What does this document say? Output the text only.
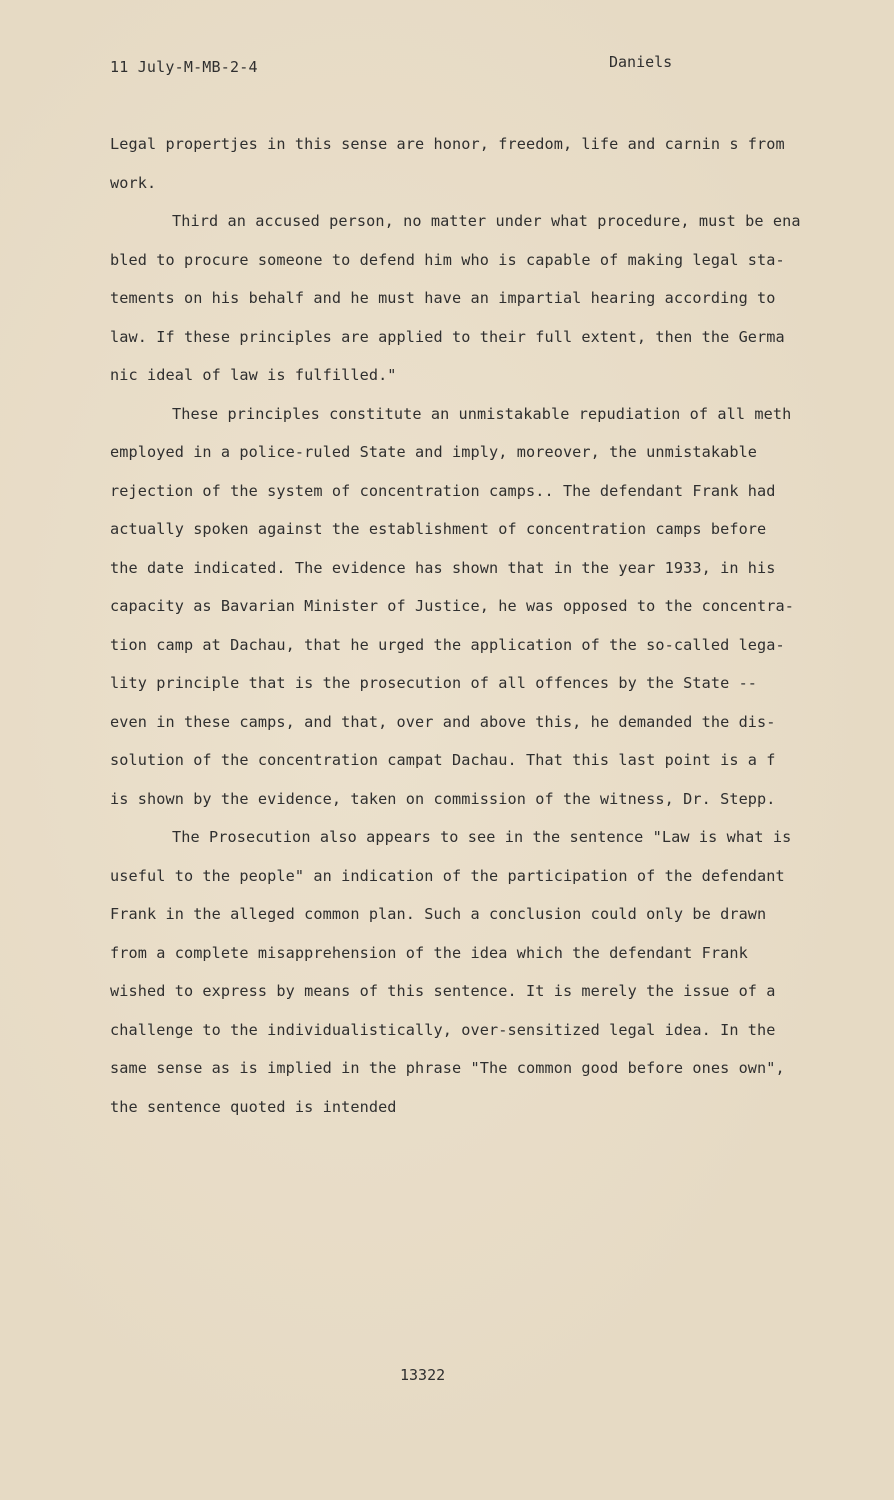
11 July-M-MB-2-4	Daniels
Legal propertjes in this sense are honor, freedom, life and carnin s from
work.
Third an accused person, no matter under what procedure, must be ena
bled to procure someone to defend him who is capable of making legal sta-
tements on his behalf and he must have an impartial hearing according to
law. If these principles are applied to their full extent, then the Germa
nic ideal of law is fulfilled."
These principles constitute an unmistakable repudiation of all meth
employed in a police-ruled State and imply, moreover, the unmistakable
rejection of the system of concentration camps.. The defendant Frank had
actually spoken against the establishment of concentration camps before
the date indicated. The evidence has shown that in the year 1933, in his
capacity as Bavarian Minister of Justice, he was opposed to the concentra-
tion camp at Dachau, that he urged the application of the so-called lega-
lity principle that is the prosecution of all offences by the State --
even in these camps, and that, over and above this, he demanded the dis-
solution of the concentration campat Dachau. That this last point is a f
is shown by the evidence, taken on commission of the witness, Dr. Stepp.
The Prosecution also appears to see in the sentence "Law is what is
useful to the people" an indication of the participation of the defendant
Frank in the alleged common plan. Such a conclusion could only be drawn
from a complete misapprehension of the idea which the defendant Frank
wished to express by means of this sentence. It is merely the issue of a
challenge to the individualistically, over-sensitized legal idea. In the
same sense as is implied in the phrase "The common good before ones own",
the sentence quoted is intended
13322
